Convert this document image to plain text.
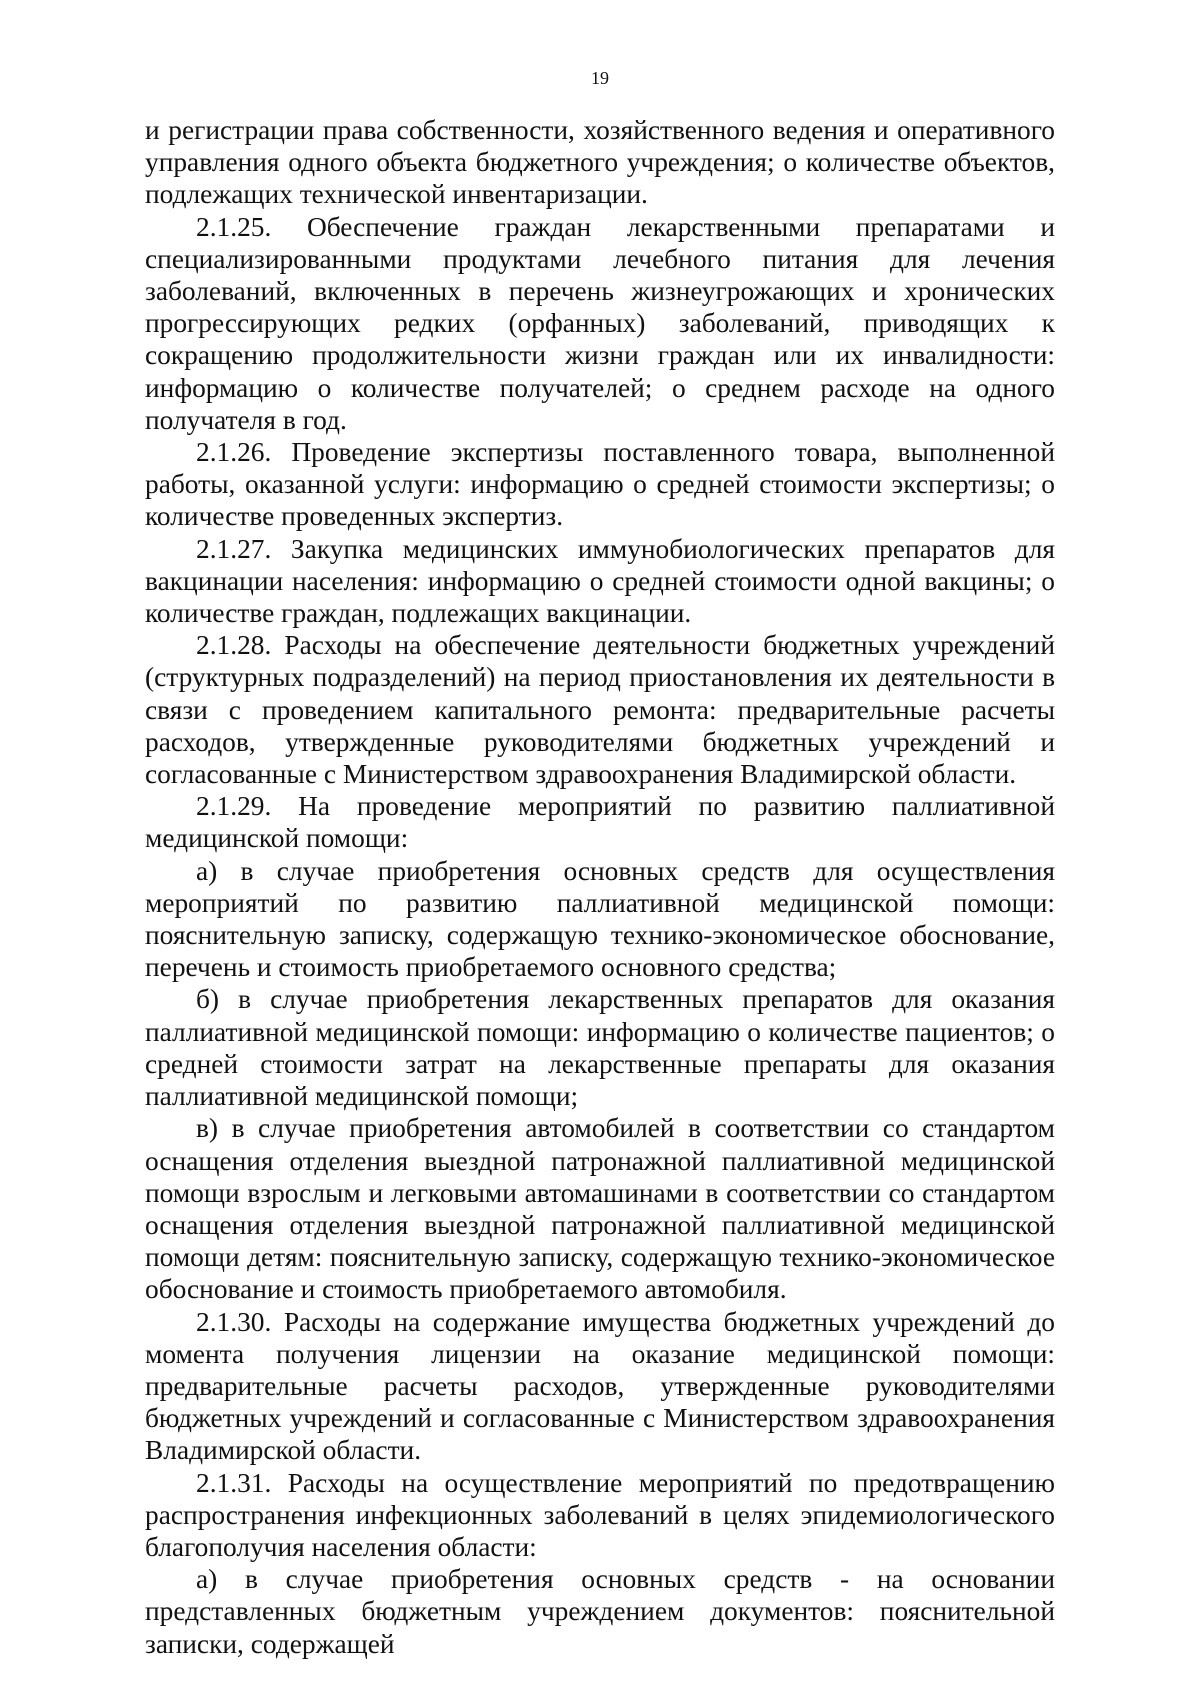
19

и регистрации права собственности, хозяйственного ведения и оперативного управления одного объекта бюджетного учреждения; о количестве объектов, подлежащих технической инвентаризации.

2.1.25. Обеспечение граждан лекарственными препаратами и специализированными продуктами лечебного питания для лечения заболеваний, включенных в перечень жизнеугрожающих и хронических прогрессирующих редких (орфанных) заболеваний, приводящих к сокращению продолжительности жизни граждан или их инвалидности: информацию о количестве получателей; о среднем расходе на одного получателя в год.

2.1.26. Проведение экспертизы поставленного товара, выполненной работы, оказанной услуги: информацию о средней стоимости экспертизы; о количестве проведенных экспертиз.

2.1.27. Закупка медицинских иммунобиологических препаратов для вакцинации населения: информацию о средней стоимости одной вакцины; о количестве граждан, подлежащих вакцинации.

2.1.28. Расходы на обеспечение деятельности бюджетных учреждений (структурных подразделений) на период приостановления их деятельности в связи с проведением капитального ремонта: предварительные расчеты расходов, утвержденные руководителями бюджетных учреждений и согласованные с Министерством здравоохранения Владимирской области.

2.1.29. На проведение мероприятий по развитию паллиативной медицинской помощи:

а) в случае приобретения основных средств для осуществления мероприятий по развитию паллиативной медицинской помощи: пояснительную записку, содержащую технико-экономическое обоснование, перечень и стоимость приобретаемого основного средства;

б) в случае приобретения лекарственных препаратов для оказания паллиативной медицинской помощи: информацию о количестве пациентов; о средней стоимости затрат на лекарственные препараты для оказания паллиативной медицинской помощи;

в) в случае приобретения автомобилей в соответствии со стандартом оснащения отделения выездной патронажной паллиативной медицинской помощи взрослым и легковыми автомашинами в соответствии со стандартом оснащения отделения выездной патронажной паллиативной медицинской помощи детям: пояснительную записку, содержащую технико-экономическое обоснование и стоимость приобретаемого автомобиля.

2.1.30. Расходы на содержание имущества бюджетных учреждений до момента получения лицензии на оказание медицинской помощи: предварительные расчеты расходов, утвержденные руководителями бюджетных учреждений и согласованные с Министерством здравоохранения Владимирской области.

2.1.31. Расходы на осуществление мероприятий по предотвращению распространения инфекционных заболеваний в целях эпидемиологического благополучия населения области:

а) в случае приобретения основных средств - на основании представленных бюджетным учреждением документов: пояснительной записки, содержащей
